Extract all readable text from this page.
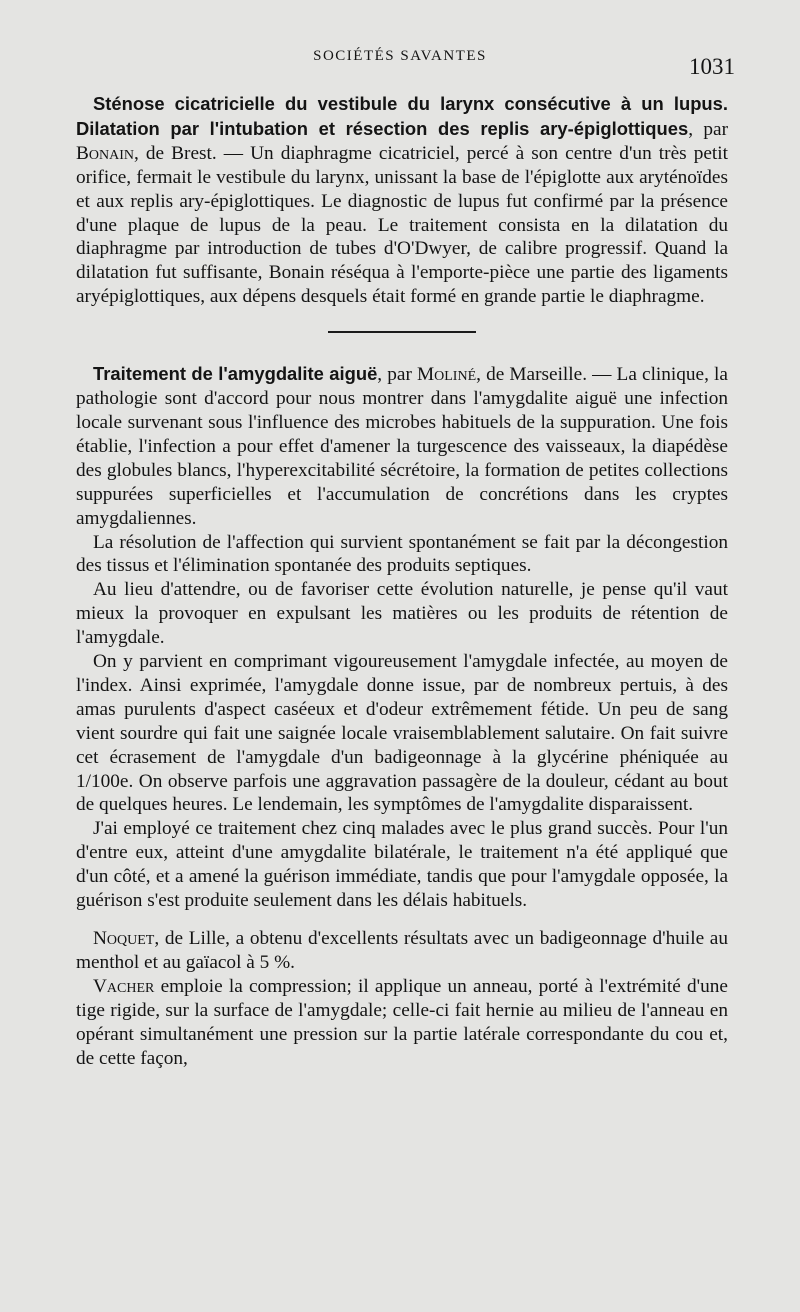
SOCIÉTÉS SAVANTES	1031

Sténose cicatricielle du vestibule du larynx consécutive à un lupus. Dilatation par l'intubation et résection des replis ary-épiglottiques, par Bonain, de Brest. — Un diaphragme cicatriciel, percé à son centre d'un très petit orifice, fermait le vestibule du larynx, unissant la base de l'épiglotte aux aryténoïdes et aux replis ary-épiglottiques. Le diagnostic de lupus fut confirmé par la présence d'une plaque de lupus de la peau. Le traitement consista en la dilatation du diaphragme par introduction de tubes d'O'Dwyer, de calibre progressif. Quand la dilatation fut suffisante, Bonain réséqua à l'emporte-pièce une partie des ligaments aryépiglottiques, aux dépens desquels était formé en grande partie le diaphragme.

Traitement de l'amygdalite aiguë, par Moliné, de Marseille. — La clinique, la pathologie sont d'accord pour nous montrer dans l'amygdalite aiguë une infection locale survenant sous l'influence des microbes habituels de la suppuration. Une fois établie, l'infection a pour effet d'amener la turgescence des vaisseaux, la diapédèse des globules blancs, l'hyperexcitabilité sécrétoire, la formation de petites collections suppurées superficielles et l'accumulation de concrétions dans les cryptes amygdaliennes.

La résolution de l'affection qui survient spontanément se fait par la décongestion des tissus et l'élimination spontanée des produits septiques.

Au lieu d'attendre, ou de favoriser cette évolution naturelle, je pense qu'il vaut mieux la provoquer en expulsant les matières ou les produits de rétention de l'amygdale.

On y parvient en comprimant vigoureusement l'amygdale infectée, au moyen de l'index. Ainsi exprimée, l'amygdale donne issue, par de nombreux pertuis, à des amas purulents d'aspect caséeux et d'odeur extrêmement fétide. Un peu de sang vient sourdre qui fait une saignée locale vraisemblablement salutaire. On fait suivre cet écrasement de l'amygdale d'un badigeonnage à la glycérine phéniquée au 1/100e. On observe parfois une aggravation passagère de la douleur, cédant au bout de quelques heures. Le lendemain, les symptômes de l'amygdalite disparaissent.

J'ai employé ce traitement chez cinq malades avec le plus grand succès. Pour l'un d'entre eux, atteint d'une amygdalite bilatérale, le traitement n'a été appliqué que d'un côté, et a amené la guérison immédiate, tandis que pour l'amygdale opposée, la guérison s'est produite seulement dans les délais habituels.

Noquet, de Lille, a obtenu d'excellents résultats avec un badigeonnage d'huile au menthol et au gaïacol à 5 %.

Vacher emploie la compression; il applique un anneau, porté à l'extrémité d'une tige rigide, sur la surface de l'amygdale; celle-ci fait hernie au milieu de l'anneau en opérant simultanément une pression sur la partie latérale correspondante du cou et, de cette façon,
